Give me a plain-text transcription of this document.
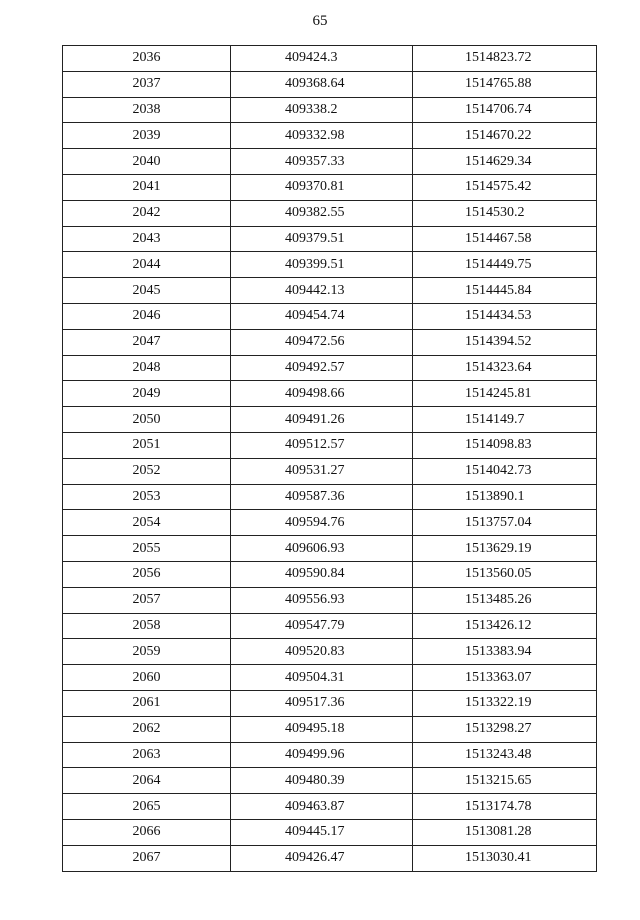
65
2036	409424.3	1514823.72
2037	409368.64	1514765.88
2038	409338.2	1514706.74
2039	409332.98	1514670.22
2040	409357.33	1514629.34
2041	409370.81	1514575.42
2042	409382.55	1514530.2
2043	409379.51	1514467.58
2044	409399.51	1514449.75
2045	409442.13	1514445.84
2046	409454.74	1514434.53
2047	409472.56	1514394.52
2048	409492.57	1514323.64
2049	409498.66	1514245.81
2050	409491.26	1514149.7
2051	409512.57	1514098.83
2052	409531.27	1514042.73
2053	409587.36	1513890.1
2054	409594.76	1513757.04
2055	409606.93	1513629.19
2056	409590.84	1513560.05
2057	409556.93	1513485.26
2058	409547.79	1513426.12
2059	409520.83	1513383.94
2060	409504.31	1513363.07
2061	409517.36	1513322.19
2062	409495.18	1513298.27
2063	409499.96	1513243.48
2064	409480.39	1513215.65
2065	409463.87	1513174.78
2066	409445.17	1513081.28
2067	409426.47	1513030.41
